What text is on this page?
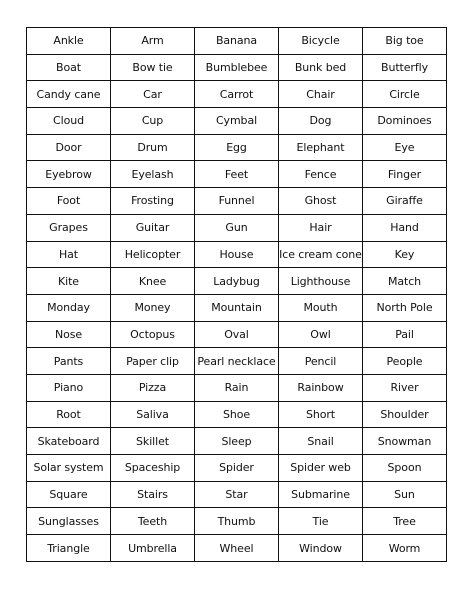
Ankle	Arm	Banana	Bicycle	Big toe
Boat	Bow tie	Bumblebee	Bunk bed	Butterfly
Candy cane	Car	Carrot	Chair	Circle
Cloud	Cup	Cymbal	Dog	Dominoes
Door	Drum	Egg	Elephant	Eye
Eyebrow	Eyelash	Feet	Fence	Finger
Foot	Frosting	Funnel	Ghost	Giraffe
Grapes	Guitar	Gun	Hair	Hand
Hat	Helicopter	House	Ice cream cone	Key
Kite	Knee	Ladybug	Lighthouse	Match
Monday	Money	Mountain	Mouth	North Pole
Nose	Octopus	Oval	Owl	Pail
Pants	Paper clip	Pearl necklace	Pencil	People
Piano	Pizza	Rain	Rainbow	River
Root	Saliva	Shoe	Short	Shoulder
Skateboard	Skillet	Sleep	Snail	Snowman
Solar system	Spaceship	Spider	Spider web	Spoon
Square	Stairs	Star	Submarine	Sun
Sunglasses	Teeth	Thumb	Tie	Tree
Triangle	Umbrella	Wheel	Window	Worm
